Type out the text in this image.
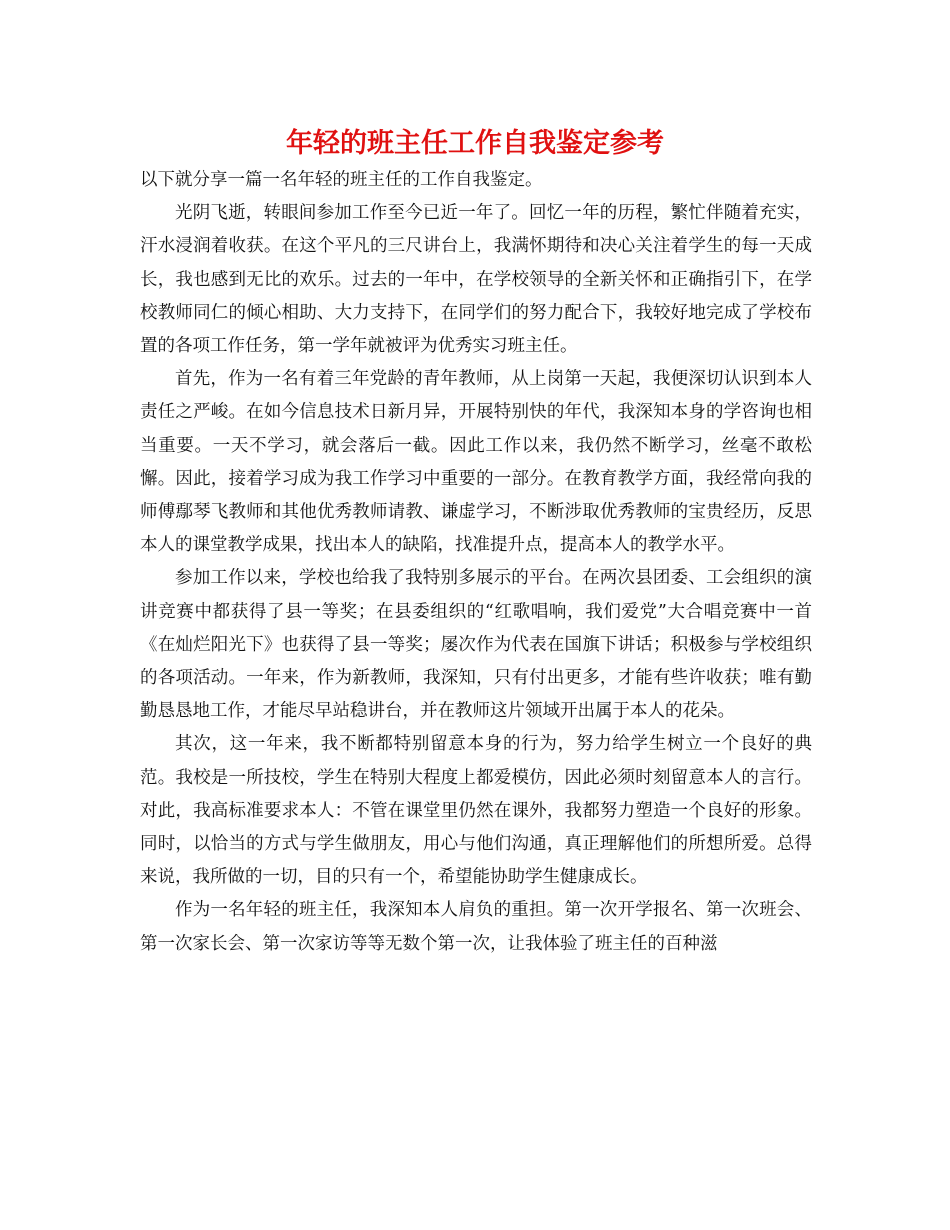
年轻的班主任工作自我鉴定参考

以下就分享一篇一名年轻的班主任的工作自我鉴定。

光阴飞逝，转眼间参加工作至今已近一年了。回忆一年的历程，繁忙伴随着充实，汗水浸润着收获。在这个平凡的三尺讲台上，我满怀期待和决心关注着学生的每一天成长，我也感到无比的欢乐。过去的一年中，在学校领导的全新关怀和正确指引下，在学校教师同仁的倾心相助、大力支持下，在同学们的努力配合下，我较好地完成了学校布置的各项工作任务，第一学年就被评为优秀实习班主任。

首先，作为一名有着三年党龄的青年教师，从上岗第一天起，我便深切认识到本人责任之严峻。在如今信息技术日新月异，开展特别快的年代，我深知本身的学咨询也相当重要。一天不学习，就会落后一截。因此工作以来，我仍然不断学习，丝毫不敢松懈。因此，接着学习成为我工作学习中重要的一部分。在教育教学方面，我经常向我的师傅鄢琴飞教师和其他优秀教师请教、谦虚学习，不断涉取优秀教师的宝贵经历，反思本人的课堂教学成果，找出本人的缺陷，找准提升点，提高本人的教学水平。

参加工作以来，学校也给我了我特别多展示的平台。在两次县团委、工会组织的演讲竞赛中都获得了县一等奖；在县委组织的“红歌唱响，我们爱党”大合唱竞赛中一首《在灿烂阳光下》也获得了县一等奖；屡次作为代表在国旗下讲话；积极参与学校组织的各项活动。一年来，作为新教师，我深知，只有付出更多，才能有些许收获；唯有勤勤恳恳地工作，才能尽早站稳讲台，并在教师这片领域开出属于本人的花朵。

其次，这一年来，我不断都特别留意本身的行为，努力给学生树立一个良好的典范。我校是一所技校，学生在特别大程度上都爱模仿，因此必须时刻留意本人的言行。对此，我高标准要求本人：不管在课堂里仍然在课外，我都努力塑造一个良好的形象。同时，以恰当的方式与学生做朋友，用心与他们沟通，真正理解他们的所想所爱。总得来说，我所做的一切，目的只有一个，希望能协助学生健康成长。

作为一名年轻的班主任，我深知本人肩负的重担。第一次开学报名、第一次班会、第一次家长会、第一次家访等等无数个第一次，让我体验了班主任的百种滋
